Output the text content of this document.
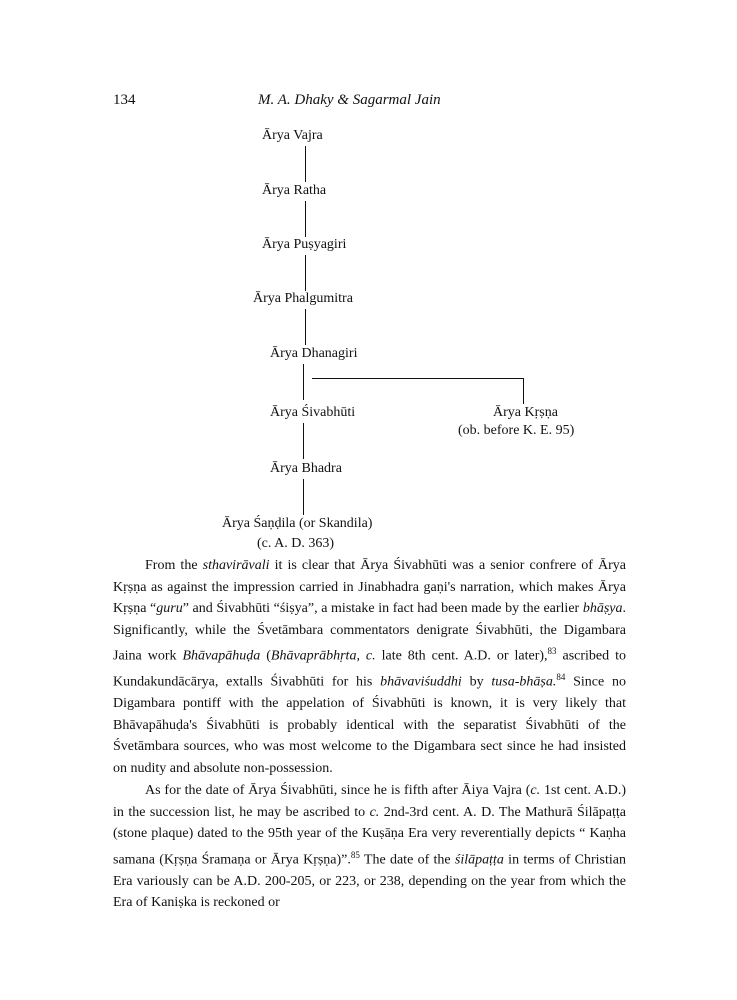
134	M. A. Dhaky & Sagarmal Jain
Ārya Vajra
Ārya Ratha
Ārya Puṣyagiri
Ārya Phalgumitra
Ārya Dhanagiri
Ārya Śivabhūti	Ārya Kṛṣṇa
(ob. before K. E. 95)
Ārya Bhadra
Ārya Śaṇḍila (or Skandila)
(c. A. D. 363)

From the sthavirāvali it is clear that Ārya Śivabhūti was a senior confrere of Ārya Kṛṣṇa as against the impression carried in Jinabhadra gaṇi's narration, which makes Ārya Kṛṣṇa “guru” and Śivabhūti “śiṣya”, a mistake in fact had been made by the earlier bhāṣya. Significantly, while the Śvetāmbara commentators denigrate Śivabhūti, the Digambara Jaina work Bhāvapāhuḍa (Bhāvaprābhṛta, c. late 8th cent. A.D. or later),$^{83}$ ascribed to Kundakundācārya, extalls Śivabhūti for his bhāvaviśuddhi by tusa-bhāṣa.$^{84}$ Since no Digambara pontiff with the appelation of Śivabhūti is known, it is very likely that Bhāvapāhuḍa's Śivabhūti is probably identical with the separatist Śivabhūti of the Śvetāmbara sources, who was most welcome to the Digambara sect since he had insisted on nudity and absolute non-possession.

As for the date of Ārya Śivabhūti, since he is fifth after Āiya Vajra (c. 1st cent. A.D.) in the succession list, he may be ascribed to c. 2nd-3rd cent. A. D. The Mathurā Śilāpaṭṭa (stone plaque) dated to the 95th year of the Kuṣāṇa Era very reverentially depicts “ Kaṇha samana (Kṛṣṇa Śramaṇa or Ārya Kṛṣṇa)”.$^{85}$ The date of the śilāpaṭṭa in terms of Christian Era variously can be A.D. 200-205, or 223, or 238, depending on the year from which the Era of Kaniṣka is reckoned or
